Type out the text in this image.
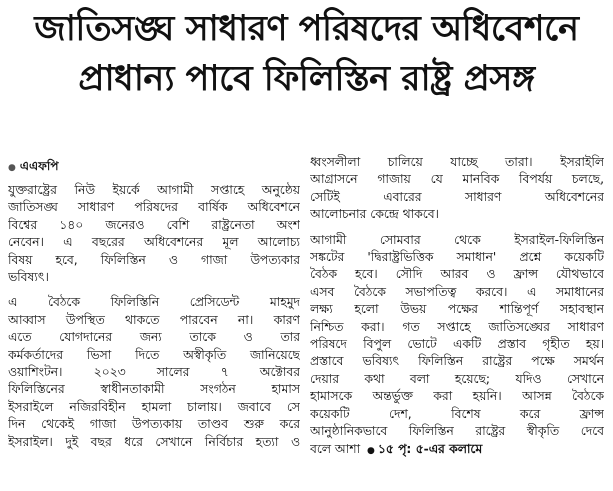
জাতিসঙ্ঘ সাধারণ পরিষদের অধিবেশনে
প্রাধান্য পাবে ফিলিস্তিন রাষ্ট্র প্রসঙ্গ
● এএফপি
যুক্তরাষ্ট্রের নিউ ইয়র্কে আগামী সপ্তাহে অনুষ্ঠেয়
জাতিসঙ্ঘ সাধারণ পরিষদের বার্ষিক অধিবেশনে
বিশ্বের ১৪০ জনেরও বেশি রাষ্ট্রনেতা অংশ
নেবেন। এ বছরের অধিবেশনের মূল আলোচ্য
বিষয় হবে, ফিলিস্তিন ও গাজা উপত্যকার
ভবিষ্যৎ।
এ বৈঠকে ফিলিস্তিনি প্রেসিডেন্ট মাহমুদ
আব্বাস উপস্থিত থাকতে পারবেন না। কারণ
এতে যোগদানের জন্য তাকে ও তার
কর্মকর্তাদের ভিসা দিতে অস্বীকৃতি জানিয়েছে
ওয়াশিংটন। ২০২৩ সালের ৭ অক্টোবর
ফিলিস্তিনের স্বাধীনতাকামী সংগঠন হামাস
ইসরাইলে নজিরবিহীন হামলা চালায়। জবাবে সে
দিন থেকেই গাজা উপত্যকায় তাণ্ডব শুরু করে
ইসরাইল। দুই বছর ধরে সেখানে নির্বিচার হত্যা ও
ধ্বংসলীলা চালিয়ে যাচ্ছে তারা। ইসরাইলি
আগ্রাসনে গাজায় যে মানবিক বিপর্যয় চলছে,
সেটিই এবারের সাধারণ অধিবেশনের
আলোচনার কেন্দ্রে থাকবে।
আগামী সোমবার থেকে ইসরাইল-ফিলিস্তিন
সঙ্কটের 'দ্বিরাষ্ট্রভিত্তিক সমাধান' প্রশ্নে কয়েকটি
বৈঠক হবে। সৌদি আরব ও ফ্রান্স যৌথভাবে
এসব বৈঠকে সভাপতিত্ব করবে। এ সমাধানের
লক্ষ্য হলো উভয় পক্ষের শান্তিপূর্ণ সহাবস্থান
নিশ্চিত করা। গত সপ্তাহে জাতিসঙ্ঘের সাধারণ
পরিষদে বিপুল ভোটে একটি প্রস্তাব গৃহীত হয়।
প্রস্তাবে ভবিষ্যৎ ফিলিস্তিন রাষ্ট্রের পক্ষে সমর্থন
দেয়ার কথা বলা হয়েছে; যদিও সেখানে
হামাসকে অন্তর্ভুক্ত করা হয়নি। আসন্ন বৈঠকে
কয়েকটি দেশ, বিশেষ করে ফ্রান্স
আনুষ্ঠানিকভাবে ফিলিস্তিন রাষ্ট্রের স্বীকৃতি দেবে
বলে আশা ● ১৫ পৃ: ৫-এর কলামে
